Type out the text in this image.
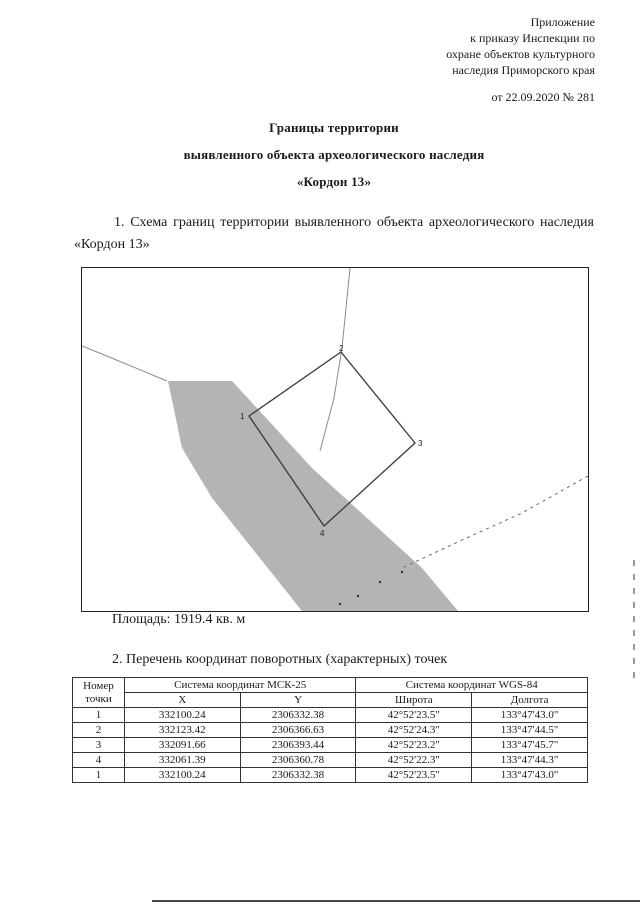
Приложение
к приказу Инспекции по
охране объектов культурного
наследия Приморского края
от 22.09.2020 № 281
Границы территории
выявленного объекта археологического наследия
«Кордон 13»
1. Схема границ территории выявленного объекта археологического наследия «Кордон 13»
1
2
3
4
Площадь: 1919.4 кв. м
2. Перечень координат поворотных (характерных) точек
Номер точки	Система координат МСК-25		Система координат WGS-84	
	X	Y	Широта	Долгота
1	332100.24	2306332.38	42°52'23.5"	133°47'43.0"
2	332123.42	2306366.63	42°52'24.3"	133°47'44.5"
3	332091.66	2306393.44	42°52'23.2"	133°47'45.7"
4	332061.39	2306360.78	42°52'22.3"	133°47'44.3"
1	332100.24	2306332.38	42°52'23.5"	133°47'43.0"
